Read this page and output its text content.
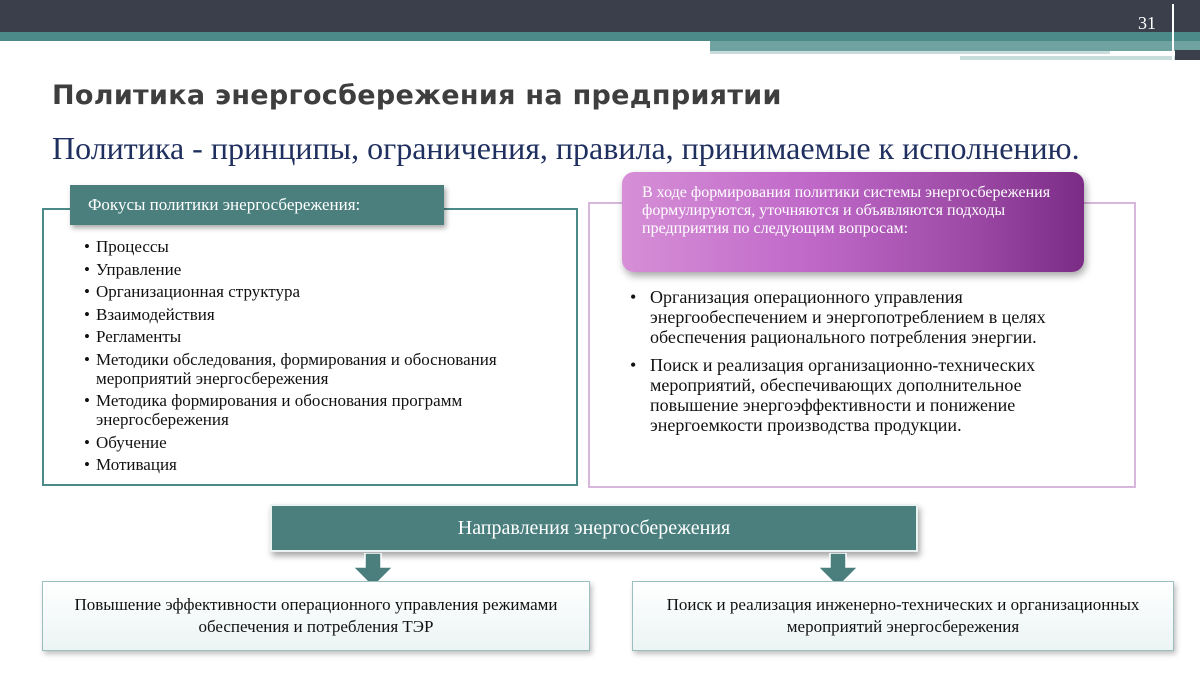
31
Политика энергосбережения на предприятии
Политика - принципы, ограничения, правила, принимаемые к исполнению.
Фокусы политики энергосбережения:
• Процессы
• Управление
• Организационная структура
• Взаимодействия
• Регламенты
• Методики обследования, формирования и обоснования мероприятий энергосбережения
• Методика формирования и обоснования программ энергосбережения
• Обучение
• Мотивация
В ходе формирования политики системы энергосбережения формулируются, уточняются и объявляются подходы предприятия по следующим вопросам:
• Организация операционного управления энергообеспечением и энергопотреблением в целях обеспечения рационального потребления энергии.
• Поиск и реализация организационно-технических мероприятий, обеспечивающих дополнительное повышение энергоэффективности и понижение энергоемкости производства продукции.
Направления энергосбережения
Повышение эффективности операционного управления режимами обеспечения и потребления ТЭР
Поиск и реализация инженерно-технических и организационных мероприятий энергосбережения
